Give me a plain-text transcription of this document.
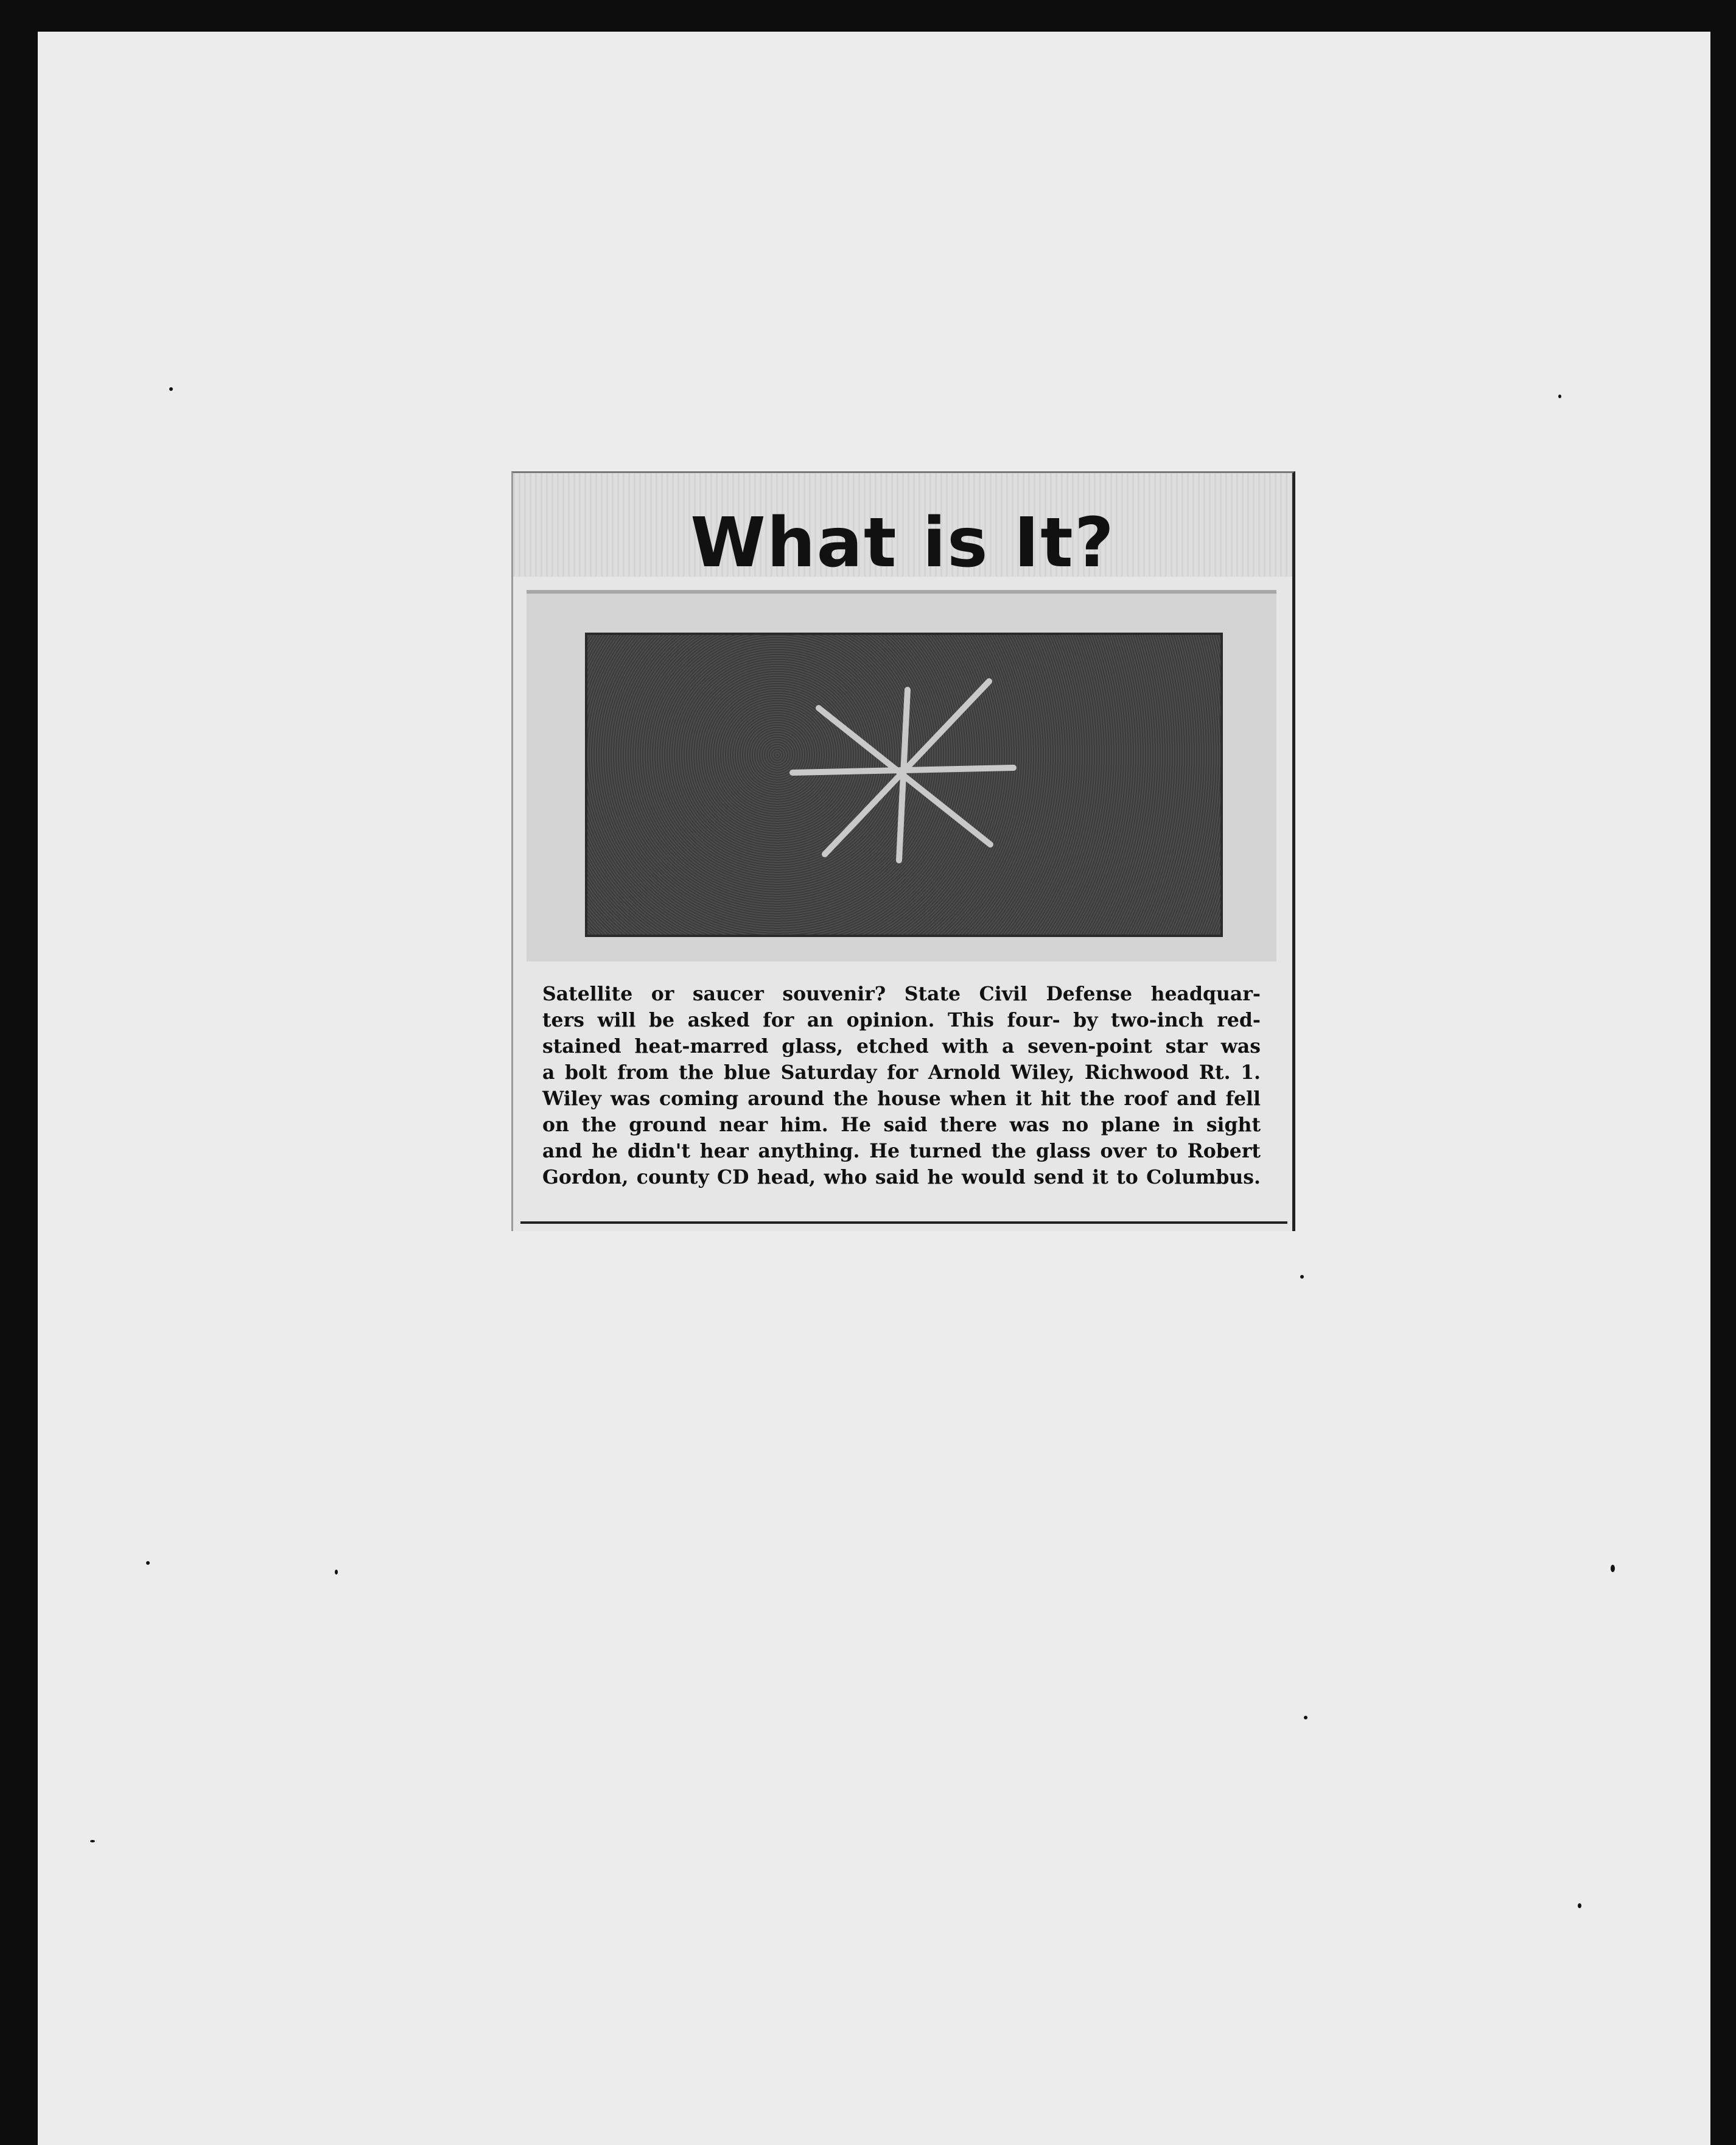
What is It?

Satellite or saucer souvenir? State Civil Defense headquar-
ters will be asked for an opinion. This four- by two-inch red-
stained heat-marred glass, etched with a seven-point star was
a bolt from the blue Saturday for Arnold Wiley, Richwood Rt. 1.
Wiley was coming around the house when it hit the roof and fell
on the ground near him. He said there was no plane in sight
and he didn't hear anything. He turned the glass over to Robert
Gordon, county CD head, who said he would send it to Columbus.
